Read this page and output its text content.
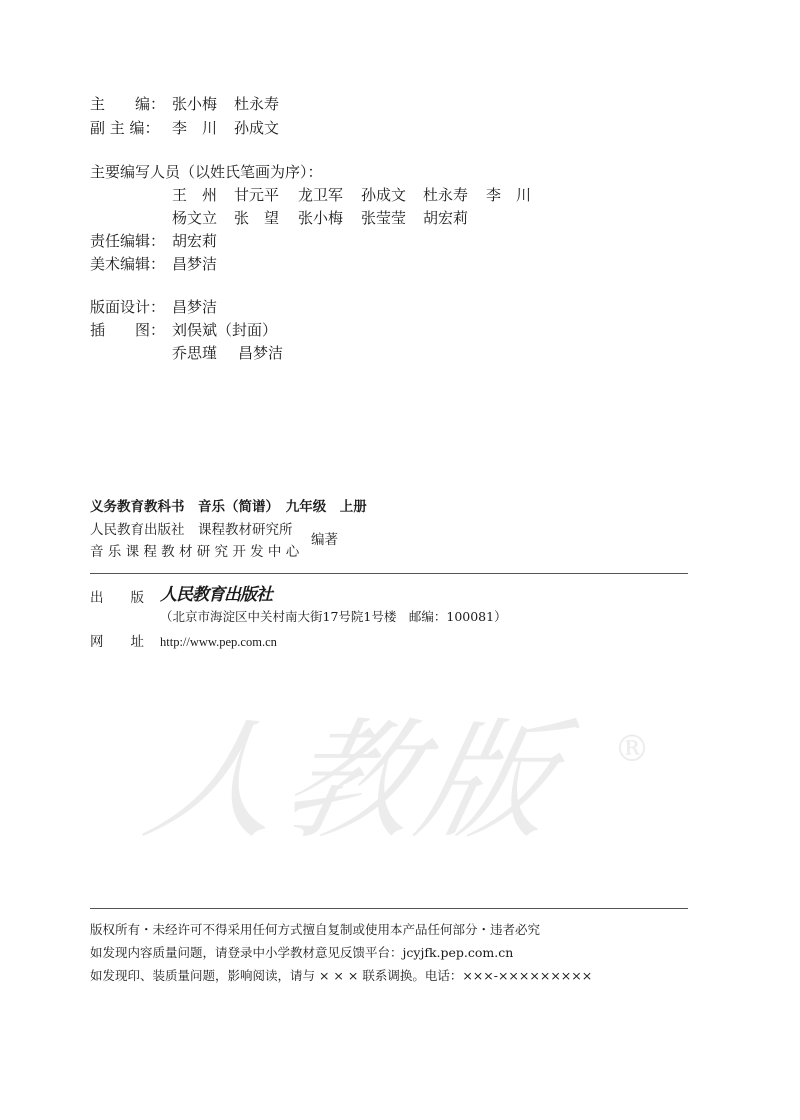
主　　编： 张小梅 杜永寿
副 主 编： 李　川 孙成文
主要编写人员（以姓氏笔画为序）：
王　州 甘元平 龙卫军 孙成文 杜永寿 李　川
杨文立 张　望 张小梅 张莹莹 胡宏莉
责任编辑： 胡宏莉
美术编辑： 昌梦洁
版面设计： 昌梦洁
插　　图： 刘俣斌（封面）
乔思瑾 昌梦洁
义务教育教科书　音乐（简谱）　九年级　上册
人民教育出版社　课程教材研究所
音 乐 课 程 教 材 研 究 开 发 中 心
编著
出　　版 人民教育出版社
（北京市海淀区中关村南大街17号院1号楼　邮编：100081）
网　　址 http://www.pep.com.cn
人教版 ®
版权所有・未经许可不得采用任何方式擅自复制或使用本产品任何部分・违者必究
如发现内容质量问题，请登录中小学教材意见反馈平台：jcyjfk.pep.com.cn
如发现印、装质量问题，影响阅读，请与 × × × 联系调换。电话：×××-×××××××××
